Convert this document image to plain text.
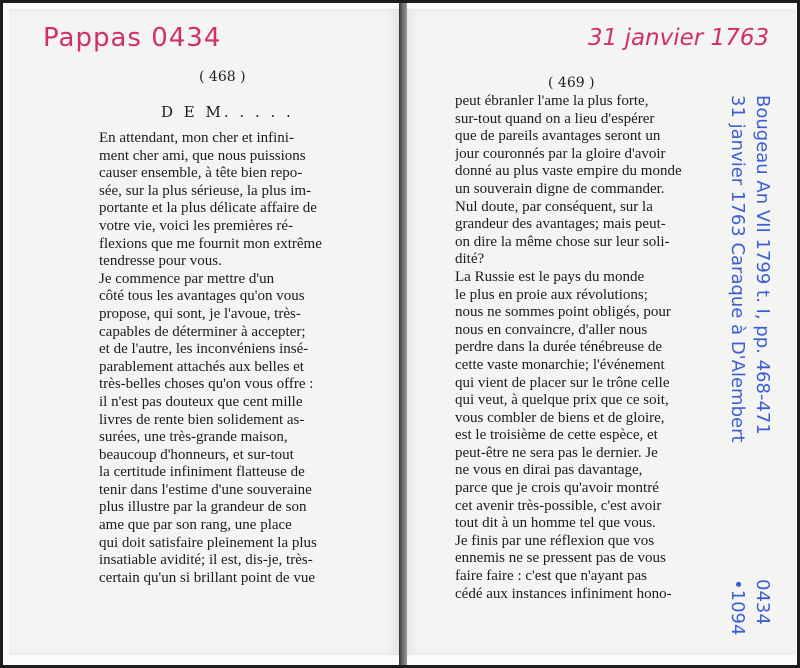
Pappas 0434	31 janvier 1763
Bougeau An VII 1799 t. I, pp. 468-471
31 janvier 1763 Caraque à D'Alembert
0434
•1094
( 468 )
D E M. . . . .
En attendant, mon cher et infini-
ment cher ami, que nous puissions
causer ensemble, à tête bien repo-
sée, sur la plus sérieuse, la plus im-
portante et la plus délicate affaire de
votre vie, voici les premières ré-
flexions que me fournit mon extrême
tendresse pour vous.
Je commence par mettre d'un
côté tous les avantages qu'on vous
propose, qui sont, je l'avoue, très-
capables de déterminer à accepter;
et de l'autre, les inconvéniens insé-
parablement attachés aux belles et
très-belles choses qu'on vous offre :
il n'est pas douteux que cent mille
livres de rente bien solidement as-
surées, une très-grande maison,
beaucoup d'honneurs, et sur-tout
la certitude infiniment flatteuse de
tenir dans l'estime d'une souveraine
plus illustre par la grandeur de son
ame que par son rang, une place
qui doit satisfaire pleinement la plus
insatiable avidité; il est, dis-je, très-
certain qu'un si brillant point de vue
( 469 )
peut ébranler l'ame la plus forte,
sur-tout quand on a lieu d'espérer
que de pareils avantages seront un
jour couronnés par la gloire d'avoir
donné au plus vaste empire du monde
un souverain digne de commander.
Nul doute, par conséquent, sur la
grandeur des avantages; mais peut-
on dire la même chose sur leur soli-
dité?
La Russie est le pays du monde
le plus en proie aux révolutions;
nous ne sommes point obligés, pour
nous en convaincre, d'aller nous
perdre dans la durée ténébreuse de
cette vaste monarchie; l'événement
qui vient de placer sur le trône celle
qui veut, à quelque prix que ce soit,
vous combler de biens et de gloire,
est le troisième de cette espèce, et
peut-être ne sera pas le dernier. Je
ne vous en dirai pas davantage,
parce que je crois qu'avoir montré
cet avenir très-possible, c'est avoir
tout dit à un homme tel que vous.
Je finis par une réflexion que vos
ennemis ne se pressent pas de vous
faire faire : c'est que n'ayant pas
cédé aux instances infiniment hono-
